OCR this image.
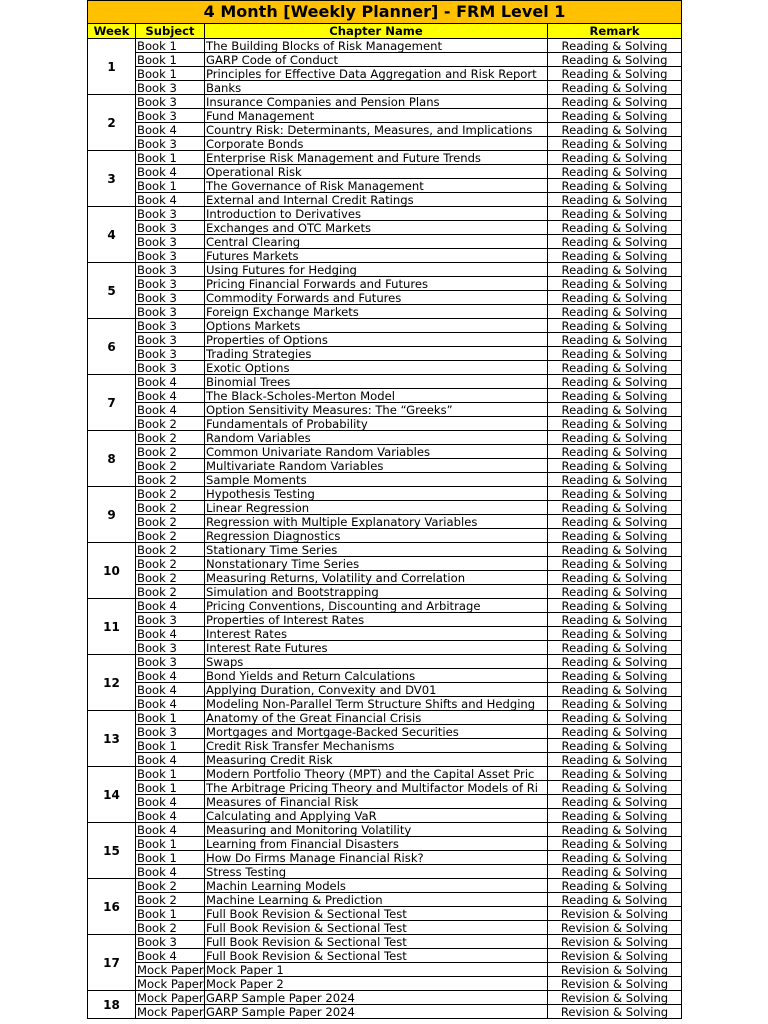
4 Month [Weekly Planner] - FRM Level 1			
Week	Subject	Chapter Name	Remark
1	Book 1	The Building Blocks of Risk Management	Reading & Solving
	Book 1	GARP Code of Conduct	Reading & Solving
	Book 1	Principles for Effective Data Aggregation and Risk Report	Reading & Solving
	Book 3	Banks	Reading & Solving
2	Book 3	Insurance Companies and Pension Plans	Reading & Solving
	Book 3	Fund Management	Reading & Solving
	Book 4	Country Risk: Determinants, Measures, and Implications	Reading & Solving
	Book 3	Corporate Bonds	Reading & Solving
3	Book 1	Enterprise Risk Management and Future Trends	Reading & Solving
	Book 4	Operational Risk	Reading & Solving
	Book 1	The Governance of Risk Management	Reading & Solving
	Book 4	External and Internal Credit Ratings	Reading & Solving
4	Book 3	Introduction to Derivatives	Reading & Solving
	Book 3	Exchanges and OTC Markets	Reading & Solving
	Book 3	Central Clearing	Reading & Solving
	Book 3	Futures Markets	Reading & Solving
5	Book 3	Using Futures for Hedging	Reading & Solving
	Book 3	Pricing Financial Forwards and Futures	Reading & Solving
	Book 3	Commodity Forwards and Futures	Reading & Solving
	Book 3	Foreign Exchange Markets	Reading & Solving
6	Book 3	Options Markets	Reading & Solving
	Book 3	Properties of Options	Reading & Solving
	Book 3	Trading Strategies	Reading & Solving
	Book 3	Exotic Options	Reading & Solving
7	Book 4	Binomial Trees	Reading & Solving
	Book 4	The Black-Scholes-Merton Model	Reading & Solving
	Book 4	Option Sensitivity Measures: The “Greeks”	Reading & Solving
	Book 2	Fundamentals of Probability	Reading & Solving
8	Book 2	Random Variables	Reading & Solving
	Book 2	Common Univariate Random Variables	Reading & Solving
	Book 2	Multivariate Random Variables	Reading & Solving
	Book 2	Sample Moments	Reading & Solving
9	Book 2	Hypothesis Testing	Reading & Solving
	Book 2	Linear Regression	Reading & Solving
	Book 2	Regression with Multiple Explanatory Variables	Reading & Solving
	Book 2	Regression Diagnostics	Reading & Solving
10	Book 2	Stationary Time Series	Reading & Solving
	Book 2	Nonstationary Time Series	Reading & Solving
	Book 2	Measuring Returns, Volatility and Correlation	Reading & Solving
	Book 2	Simulation and Bootstrapping	Reading & Solving
11	Book 4	Pricing Conventions, Discounting and Arbitrage	Reading & Solving
	Book 3	Properties of Interest Rates	Reading & Solving
	Book 4	Interest Rates	Reading & Solving
	Book 3	Interest Rate Futures	Reading & Solving
12	Book 3	Swaps	Reading & Solving
	Book 4	Bond Yields and Return Calculations	Reading & Solving
	Book 4	Applying Duration, Convexity and DV01	Reading & Solving
	Book 4	Modeling Non-Parallel Term Structure Shifts and Hedging	Reading & Solving
13	Book 1	Anatomy of the Great Financial Crisis	Reading & Solving
	Book 3	Mortgages and Mortgage-Backed Securities	Reading & Solving
	Book 1	Credit Risk Transfer Mechanisms	Reading & Solving
	Book 4	Measuring Credit Risk	Reading & Solving
14	Book 1	Modern Portfolio Theory (MPT) and the Capital Asset Pric	Reading & Solving
	Book 1	The Arbitrage Pricing Theory and Multifactor Models of Ri	Reading & Solving
	Book 4	Measures of Financial Risk	Reading & Solving
	Book 4	Calculating and Applying VaR	Reading & Solving
15	Book 4	Measuring and Monitoring Volatility	Reading & Solving
	Book 1	Learning from Financial Disasters	Reading & Solving
	Book 1	How Do Firms Manage Financial Risk?	Reading & Solving
	Book 4	Stress Testing	Reading & Solving
16	Book 2	Machin Learning Models	Reading & Solving
	Book 2	Machine Learning & Prediction	Reading & Solving
	Book 1	Full Book Revision & Sectional Test	Revision & Solving
	Book 2	Full Book Revision & Sectional Test	Revision & Solving
17	Book 3	Full Book Revision & Sectional Test	Revision & Solving
	Book 4	Full Book Revision & Sectional Test	Revision & Solving
	Mock Paper	Mock Paper 1	Revision & Solving
	Mock Paper	Mock Paper 2	Revision & Solving
18	Mock Paper	GARP Sample Paper 2024	Revision & Solving
	Mock Paper	GARP Sample Paper 2024	Revision & Solving
